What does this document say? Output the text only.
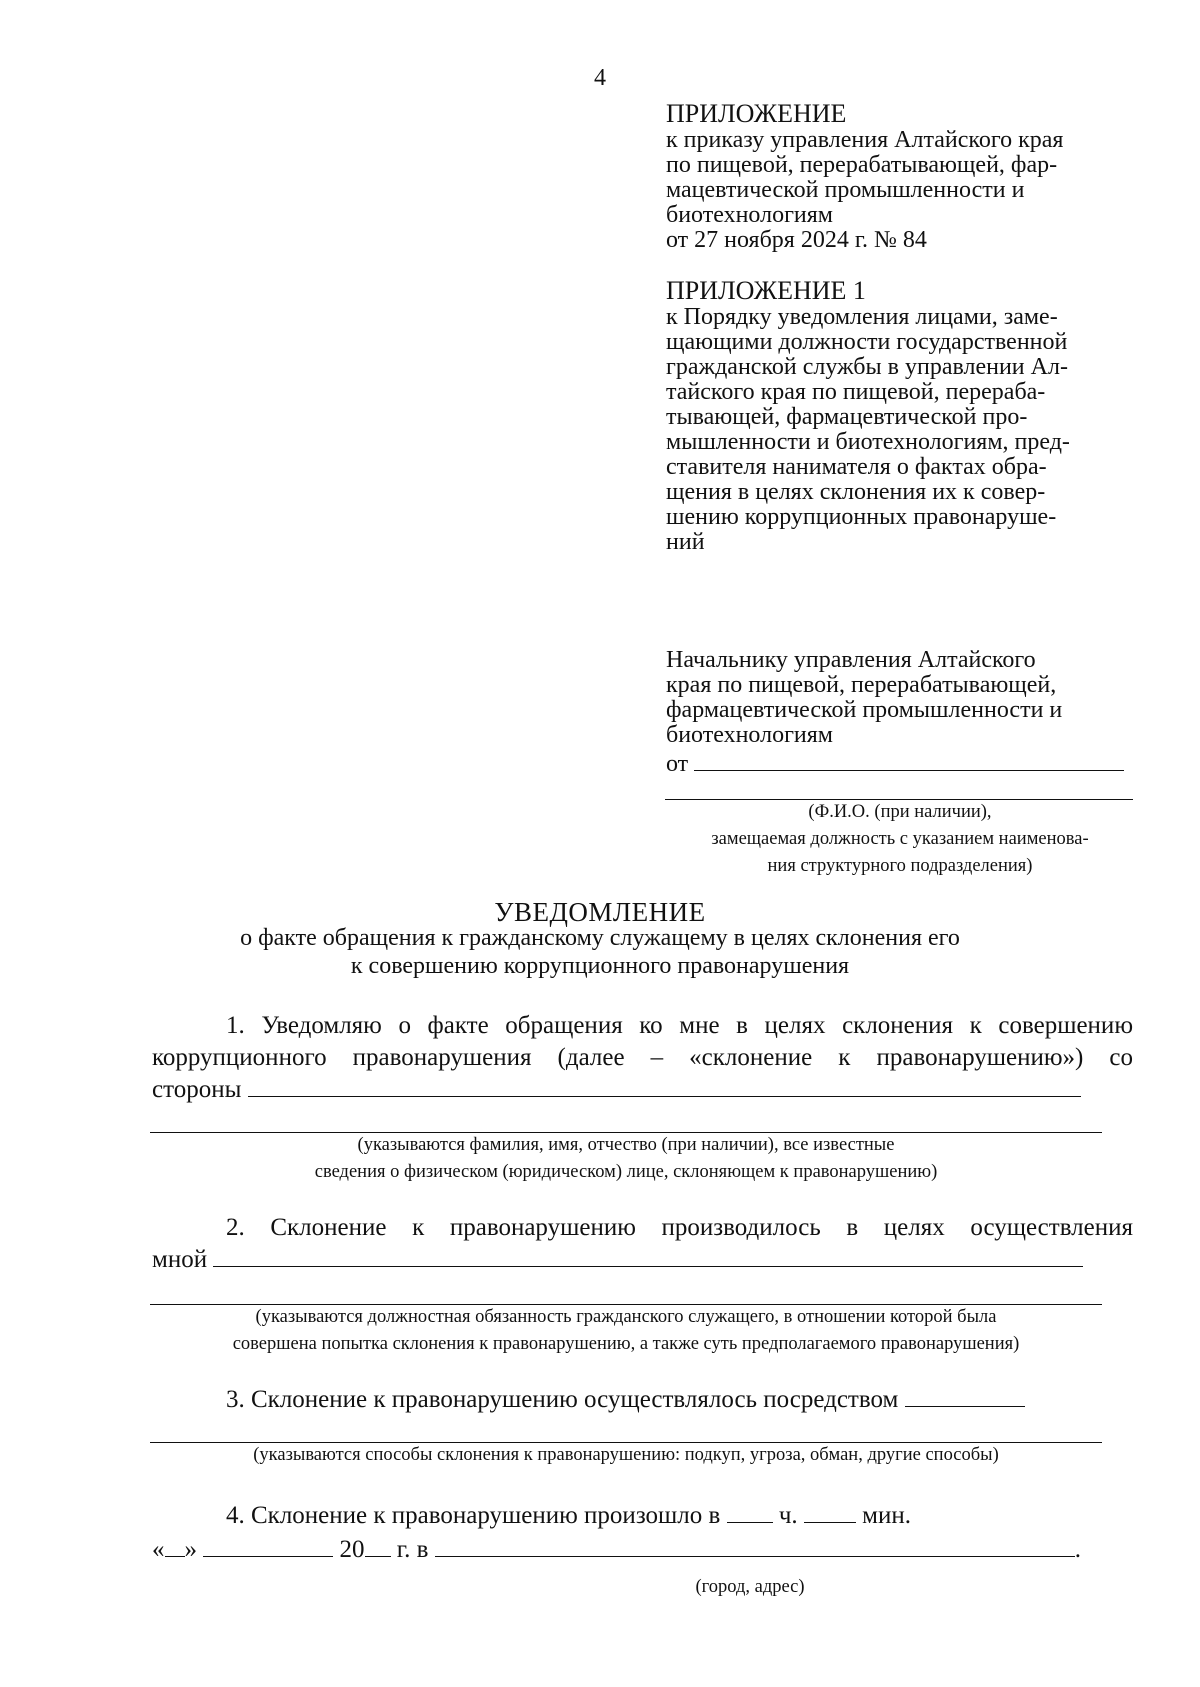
4
ПРИЛОЖЕНИЕ
к приказу управления Алтайского края
по пищевой, перерабатывающей, фар-
мацевтической промышленности и
биотехнологиям
от 27 ноября 2024 г. № 84
ПРИЛОЖЕНИЕ 1
к Порядку уведомления лицами, заме-
щающими должности государственной
гражданской службы в управлении Ал-
тайского края по пищевой, перераба-
тывающей, фармацевтической про-
мышленности и биотехнологиям, пред-
ставителя нанимателя о фактах обра-
щения в целях склонения их к совер-
шению коррупционных правонаруше-
ний
Начальнику управления Алтайского
края по пищевой, перерабатывающей,
фармацевтической промышленности и
биотехнологиям
от
(Ф.И.О. (при наличии),
замещаемая должность с указанием наименова-
ния структурного подразделения)
УВЕДОМЛЕНИЕ
о факте обращения к гражданскому служащему в целях склонения его
к совершению коррупционного правонарушения
1. Уведомляю о факте обращения ко мне в целях склонения к совершению
коррупционного правонарушения (далее – «склонение к правонарушению») со
стороны
(указываются фамилия, имя, отчество (при наличии), все известные
сведения о физическом (юридическом) лице, склоняющем к правонарушению)
2. Склонение к правонарушению производилось в целях осуществления
мной
(указываются должностная обязанность гражданского служащего, в отношении которой была
совершена попытка склонения к правонарушению, а также суть предполагаемого правонарушения)
3. Склонение к правонарушению осуществлялось посредством
(указываются способы склонения к правонарушению: подкуп, угроза, обман, другие способы)
4. Склонение к правонарушению произошло в ч.	мин.
« »	20 г. в	.
(город, адрес)
